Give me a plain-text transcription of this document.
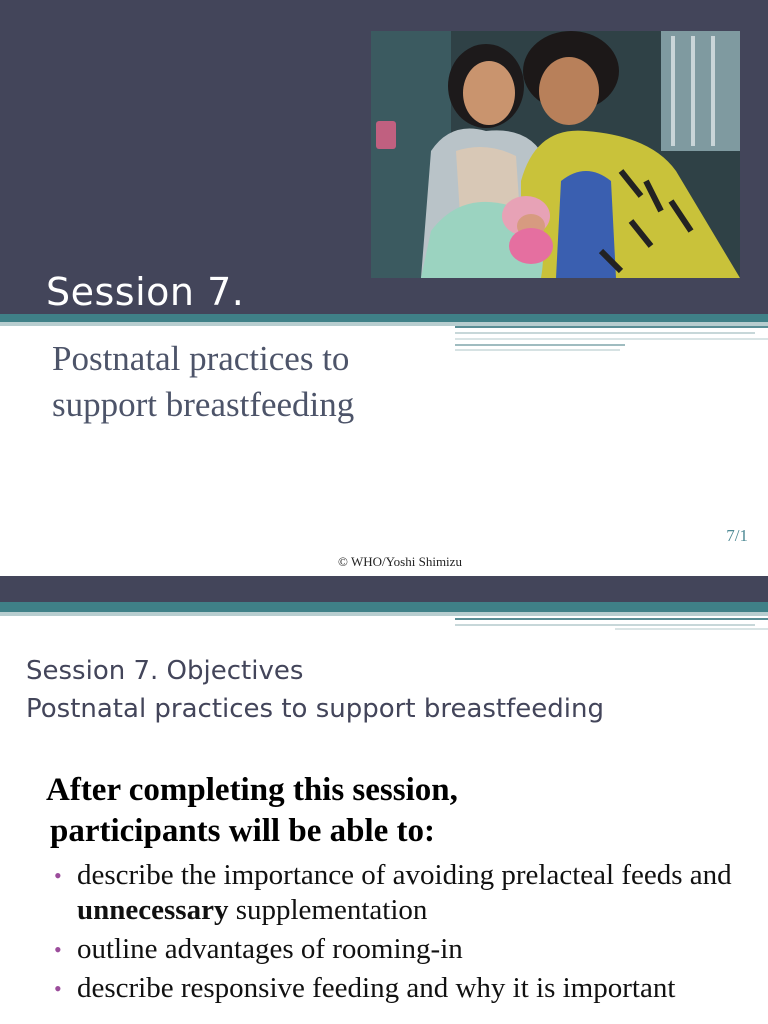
Session 7.
Postnatal practices to
support breastfeeding
7/1
© WHO/Yoshi Shimizu
Session 7. Objectives
Postnatal practices to support breastfeeding
After completing this session,
participants will be able to:
• describe the importance of avoiding prelacteal feeds and unnecessary supplementation
• outline advantages of rooming-in
• describe responsive feeding and why it is important
